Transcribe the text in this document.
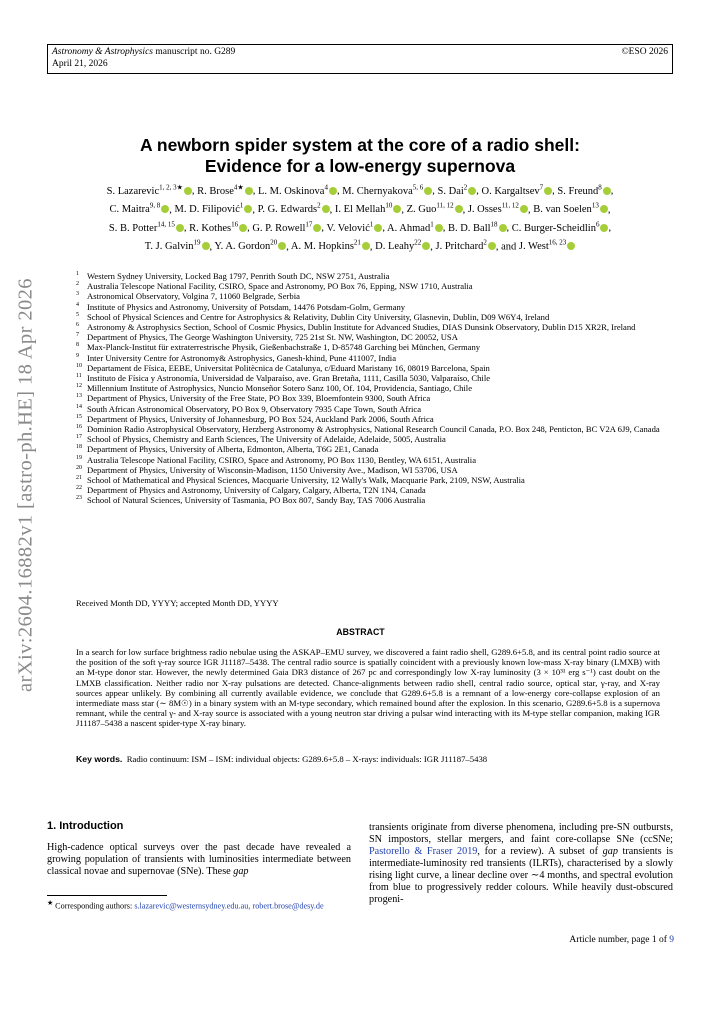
Astronomy & Astrophysics manuscript no. G289
April 21, 2026
©ESO 2026
arXiv:2604.16882v1 [astro-ph.HE] 18 Apr 2026
A newborn spider system at the core of a radio shell:
Evidence for a low-energy supernova
S. Lazarevic$^{1, 2, 3★}$ , R. Brose$^{4★}$ , L. M. Oskinova$^4$ , M. Chernyakova$^{5, 6}$ , S. Dai$^2$ , O. Kargaltsev$^7$ , S. Freund$^8$ ,
C. Maitra$^{9, 8}$ , M. D. Filipović$^1$ , P. G. Edwards$^2$ , I. El Mellah$^{10}$ , Z. Guo$^{11, 12}$ , J. Osses$^{11, 12}$ , B. van Soelen$^{13}$ ,
S. B. Potter$^{14, 15}$ , R. Kothes$^{16}$ , G. P. Rowell$^{17}$ , V. Velović$^1$ , A. Ahmad$^1$ , B. D. Ball$^{18}$ , C. Burger-Scheidlin$^6$ ,
T. J. Galvin$^{19}$ , Y. A. Gordon$^{20}$ , A. M. Hopkins$^{21}$ , D. Leahy$^{22}$ , J. Pritchard$^2$ , and J. West$^{16, 23}$
1 Western Sydney University, Locked Bag 1797, Penrith South DC, NSW 2751, Australia
2 Australia Telescope National Facility, CSIRO, Space and Astronomy, PO Box 76, Epping, NSW 1710, Australia
3 Astronomical Observatory, Volgina 7, 11060 Belgrade, Serbia
4 Institute of Physics and Astronomy, University of Potsdam, 14476 Potsdam-Golm, Germany
5 School of Physical Sciences and Centre for Astrophysics & Relativity, Dublin City University, Glasnevin, Dublin, D09 W6Y4, Ireland
6 Astronomy & Astrophysics Section, School of Cosmic Physics, Dublin Institute for Advanced Studies, DIAS Dunsink Observatory, Dublin D15 XR2R, Ireland
7 Department of Physics, The George Washington University, 725 21st St. NW, Washington, DC 20052, USA
8 Max-Planck-Institut für extraterrestrische Physik, Gießenbachstraße 1, D-85748 Garching bei München, Germany
9 Inter University Centre for Astronomy& Astrophysics, Ganesh-khind, Pune 411007, India
10 Departament de Física, EEBE, Universitat Politècnica de Catalunya, c/Eduard Maristany 16, 08019 Barcelona, Spain
11 Instituto de Física y Astronomía, Universidad de Valparaíso, ave. Gran Bretaña, 1111, Casilla 5030, Valparaíso, Chile
12 Millennium Institute of Astrophysics, Nuncio Monseñor Sotero Sanz 100, Of. 104, Providencia, Santiago, Chile
13 Department of Physics, University of the Free State, PO Box 339, Bloemfontein 9300, South Africa
14 South African Astronomical Observatory, PO Box 9, Observatory 7935 Cape Town, South Africa
15 Department of Physics, University of Johannesburg, PO Box 524, Auckland Park 2006, South Africa
16 Dominion Radio Astrophysical Observatory, Herzberg Astronomy & Astrophysics, National Research Council Canada, P.O. Box 248, Penticton, BC V2A 6J9, Canada
17 School of Physics, Chemistry and Earth Sciences, The University of Adelaide, Adelaide, 5005, Australia
18 Department of Physics, University of Alberta, Edmonton, Alberta, T6G 2E1, Canada
19 Australia Telescope National Facility, CSIRO, Space and Astronomy, PO Box 1130, Bentley, WA 6151, Australia
20 Department of Physics, University of Wisconsin-Madison, 1150 University Ave., Madison, WI 53706, USA
21 School of Mathematical and Physical Sciences, Macquarie University, 12 Wally's Walk, Macquarie Park, 2109, NSW, Australia
22 Department of Physics and Astronomy, University of Calgary, Calgary, Alberta, T2N 1N4, Canada
23 School of Natural Sciences, University of Tasmania, PO Box 807, Sandy Bay, TAS 7006 Australia
Received Month DD, YYYY; accepted Month DD, YYYY
ABSTRACT
In a search for low surface brightness radio nebulae using the ASKAP–EMU survey, we discovered a faint radio shell, G289.6+5.8, and its central point radio source at the position of the soft γ-ray source IGR J11187–5438. The central radio source is spatially coincident with a previously known low-mass X-ray binary (LMXB) with an M-type donor star. However, the newly determined Gaia DR3 distance of 267 pc and correspondingly low X-ray luminosity (3 × 10³¹ erg s⁻¹) cast doubt on the LMXB classification. Neither radio nor X-ray pulsations are detected. Chance-alignments between radio shell, central radio source, optical star, γ-ray, and X-ray sources appear unlikely. By combining all currently available evidence, we conclude that G289.6+5.8 is a remnant of a low-energy core-collapse explosion of an intermediate mass star (∼ 8M☉) in a binary system with an M-type secondary, which remained bound after the explosion. In this scenario, G289.6+5.8 is a supernova remnant, while the central γ- and X-ray source is associated with a young neutron star driving a pulsar wind interacting with its M-type stellar companion, making IGR J11187–5438 a nascent spider-type X-ray binary.
Key words. Radio continuum: ISM – ISM: individual objects: G289.6+5.8 – X-rays: individuals: IGR J11187–5438
1. Introduction
High-cadence optical surveys over the past decade have revealed a growing population of transients with luminosities intermediate between classical novae and supernovae (SNe). These gap
transients originate from diverse phenomena, including pre-SN outbursts, SN impostors, stellar mergers, and faint core-collapse SNe (ccSNe; Pastorello & Fraser 2019, for a review). A subset of gap transients is intermediate-luminosity red transients (ILRTs), characterised by a slowly rising light curve, a linear decline over ∼4 months, and spectral evolution from blue to progressively redder colours. While heavily dust-obscured progeni-
★ Corresponding authors: s.lazarevic@westernsydney.edu.au, robert.brose@desy.de
Article number, page 1 of 9
